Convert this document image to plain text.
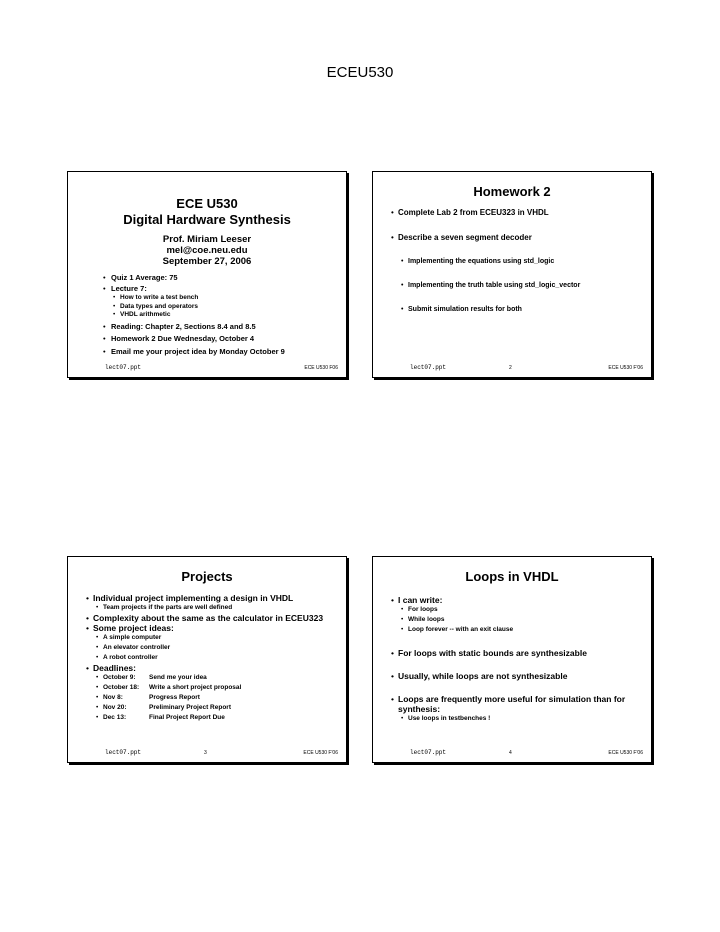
ECEU530

ECE U530
Digital Hardware Synthesis

Prof. Miriam Leeser
mel@coe.neu.edu
September 27, 2006
• Quiz 1 Average: 75
• Lecture 7:
• How to write a test bench
• Data types and operators
• VHDL arithmetic
• Reading: Chapter 2, Sections 8.4 and 8.5
• Homework 2 Due Wednesday, October 4
• Email me your project idea by Monday October 9
lect07.ppt	ECE U530 F06

Homework 2

• Complete Lab 2 from ECEU323 in VHDL
• Describe a seven segment decoder
• Implementing the equations using std_logic
• Implementing the truth table using std_logic_vector
• Submit simulation results for both
lect07.ppt	2	ECE U530 F'06

Projects

• Individual project implementing a design in VHDL
• Team projects if the parts are well defined
• Complexity about the same as the calculator in ECEU323
• Some project ideas:
• A simple computer
• An elevator controller
• A robot controller
• Deadlines:
• October 9: Send me your idea
• October 18: Write a short project proposal
• Nov 8:	Progress Report
• Nov 20:	Preliminary Project Report
• Dec 13:	Final Project Report Due
lect07.ppt	3	ECE U530 F'06

Loops in VHDL

• I can write:
• For loops
• While loops
• Loop forever -- with an exit clause
• For loops with static bounds are synthesizable
• Usually, while loops are not synthesizable
• Loops are frequently more useful for simulation than for synthesis:
• Use loops in testbenches !
lect07.ppt	4	ECE U530 F'06
